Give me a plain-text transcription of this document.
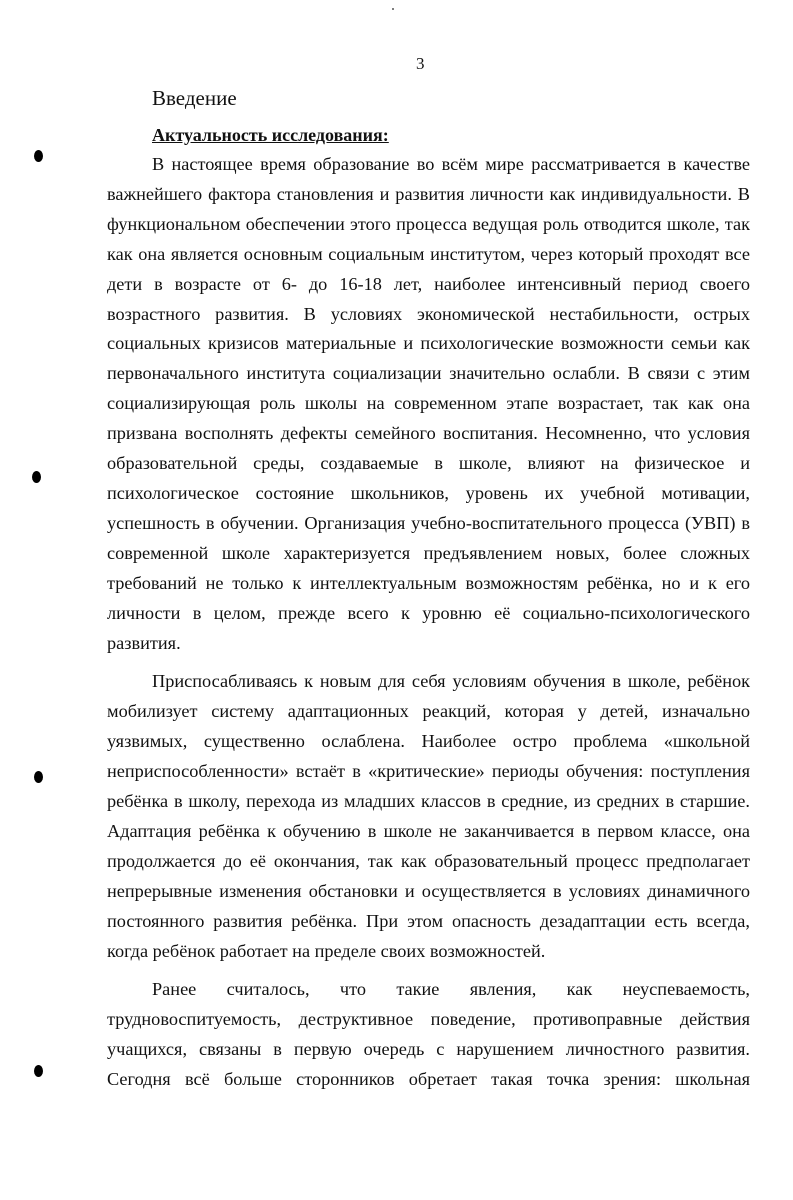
3
Введение
Актуальность исследования:

В настоящее время образование во всём мире рассматривается в качестве важнейшего фактора становления и развития личности как индивидуальности. В функциональном обеспечении этого процесса ведущая роль отводится школе, так как она является основным социальным институтом, через который проходят все дети в возрасте от 6- до 16-18 лет, наиболее интенсивный период своего возрастного развития. В условиях экономической нестабильности, острых социальных кризисов материальные и психологические возможности семьи как первоначального института социализации значительно ослабли. В связи с этим социализирующая роль школы на современном этапе возрастает, так как она призвана восполнять дефекты семейного воспитания. Несомненно, что условия образовательной среды, создаваемые в школе, влияют на физическое и психологическое состояние школьников, уровень их учебной мотивации, успешность в обучении. Организация учебно-воспитательного процесса (УВП) в современной школе характеризуется предъявлением новых, более сложных требований не только к интеллектуальным возможностям ребёнка, но и к его личности в целом, прежде всего к уровню её социально-психологического развития.

Приспосабливаясь к новым для себя условиям обучения в школе, ребёнок мобилизует систему адаптационных реакций, которая у детей, изначально уязвимых, существенно ослаблена. Наиболее остро проблема «школьной неприспособленности» встаёт в «критические» периоды обучения: поступления ребёнка в школу, перехода из младших классов в средние, из средних в старшие. Адаптация ребёнка к обучению в школе не заканчивается в первом классе, она продолжается до её окончания, так как образовательный процесс предполагает непрерывные изменения обстановки и осуществляется в условиях динамичного постоянного развития ребёнка. При этом опасность дезадаптации есть всегда, когда ребёнок работает на пределе своих возможностей.

Ранее считалось, что такие явления, как неуспеваемость, трудновоспитуемость, деструктивное поведение, противоправные действия учащихся, связаны в первую очередь с нарушением личностного развития. Сегодня всё больше сторонников обретает такая точка зрения: школьная
